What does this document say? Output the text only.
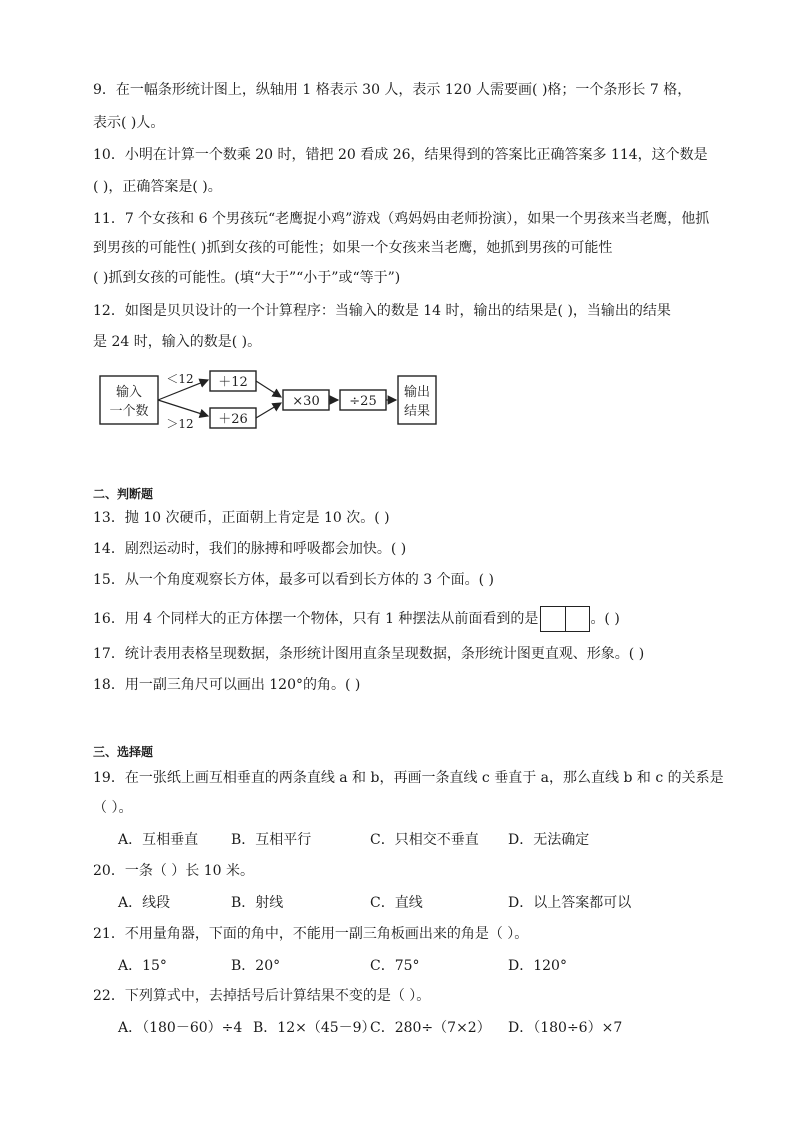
9．在一幅条形统计图上，纵轴用 1 格表示 30 人，表示 120 人需要画( )格；一个条形长 7 格，
表示( )人。
10．小明在计算一个数乘 20 时，错把 20 看成 26，结果得到的答案比正确答案多 114，这个数是
( )，正确答案是( )。
11．7 个女孩和 6 个男孩玩“老鹰捉小鸡”游戏（鸡妈妈由老师扮演），如果一个男孩来当老鹰，他抓
到男孩的可能性( )抓到女孩的可能性；如果一个女孩来当老鹰，她抓到男孩的可能性
( )抓到女孩的可能性。(填“大于”“小于”或“等于”)
12．如图是贝贝设计的一个计算程序：当输入的数是 14 时，输出的结果是( )，当输出的结果
是 24 时，输入的数是( )。
输入
一个数
＜12
＞12
＋12
＋26
×30 ÷25
输出
结果
二、判断题
13．抛 10 次硬币，正面朝上肯定是 10 次。( )
14．剧烈运动时，我们的脉搏和呼吸都会加快。( )
15．从一个角度观察长方体，最多可以看到长方体的 3 个面。( )
16．用 4 个同样大的正方体摆一个物体，只有 1 种摆法从前面看到的是	。( )
17．统计表用表格呈现数据，条形统计图用直条呈现数据，条形统计图更直观、形象。( )
18．用一副三角尺可以画出 120°的角。( )
三、选择题
19．在一张纸上画互相垂直的两条直线 a 和 b，再画一条直线 c 垂直于 a，那么直线 b 和 c 的关系是
（ ）。
A．互相垂直 B．互相平行	C．只相交不垂直 D．无法确定
20．一条（ ）长 10 米。
A．线段	B．射线	C．直线	D．以上答案都可以
21．不用量角器，下面的角中，不能用一副三角板画出来的角是（ ）。
A．15°	B．20°	C．75°	D．120°
22．下列算式中，去掉括号后计算结果不变的是（ ）。
A．（180－60）÷4 B．12×（45－9）
C．280÷（7×2） D．（180÷6）×7
